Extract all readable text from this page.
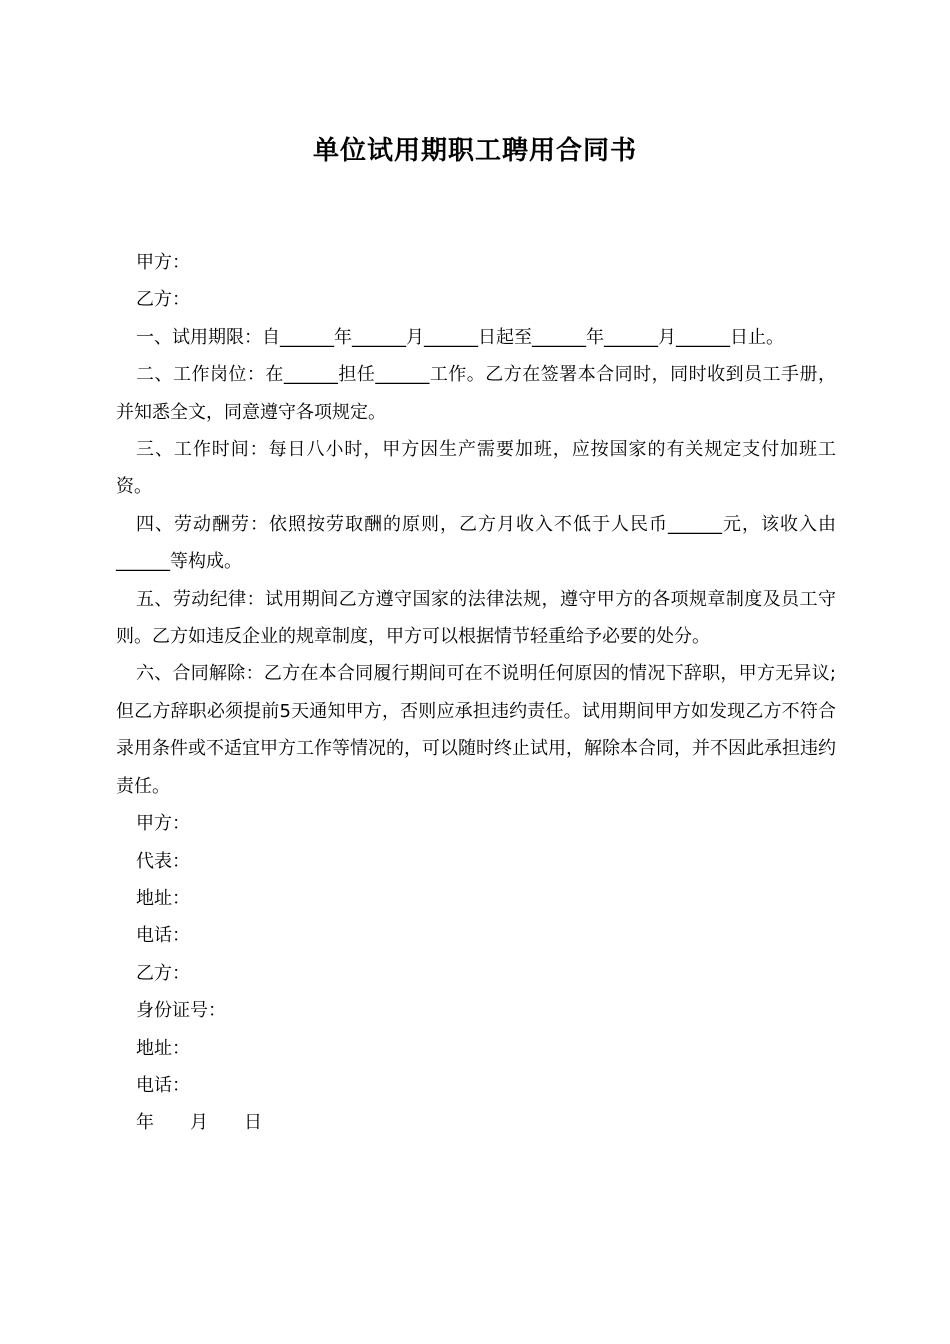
单位试用期职工聘用合同书

甲方：

乙方：

一、试用期限：自______年______月______日起至______年______月______日止。

二、工作岗位：在______担任______工作。乙方在签署本合同时，同时收到员工手册，并知悉全文，同意遵守各项规定。

三、工作时间：每日八小时，甲方因生产需要加班，应按国家的有关规定支付加班工资。

四、劳动酬劳：依照按劳取酬的原则，乙方月收入不低于人民币______元，该收入由______等构成。

五、劳动纪律：试用期间乙方遵守国家的法律法规，遵守甲方的各项规章制度及员工守则。乙方如违反企业的规章制度，甲方可以根据情节轻重给予必要的处分。

六、合同解除：乙方在本合同履行期间可在不说明任何原因的情况下辞职，甲方无异议;但乙方辞职必须提前5天通知甲方，否则应承担违约责任。试用期间甲方如发现乙方不符合录用条件或不适宜甲方工作等情况的，可以随时终止试用，解除本合同，并不因此承担违约责任。

甲方：

代表：

地址：

电话：

乙方：

身份证号：

地址：

电话：

年　　月　　日
